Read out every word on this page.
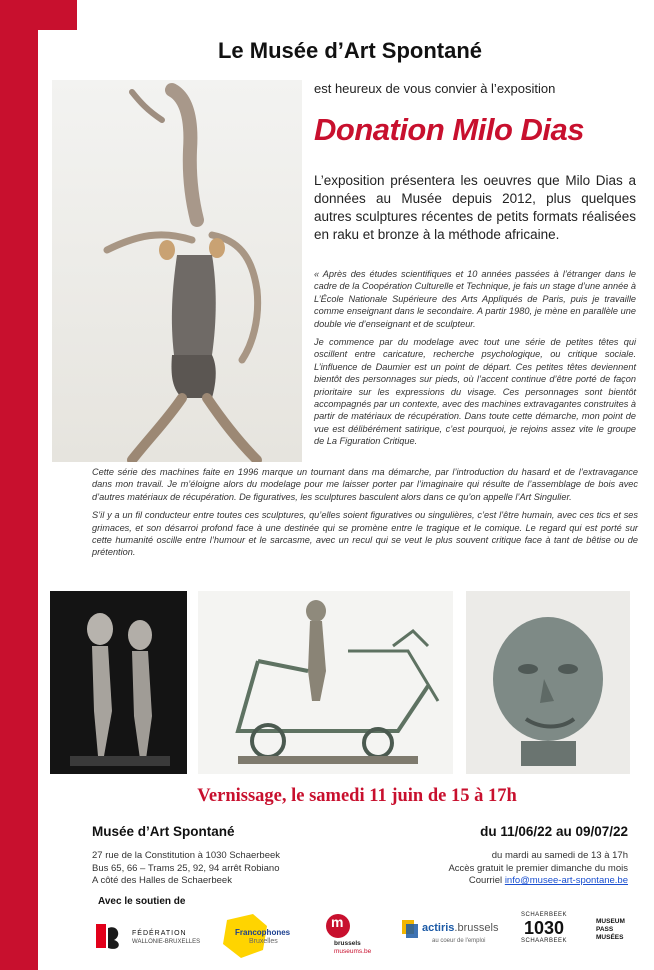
Le Musée d’Art Spontané
est heureux de vous convier à l’exposition
Donation Milo Dias
L’exposition présentera les oeuvres que Milo Dias a données au Musée depuis 2012, plus quelques autres sculptures récentes de petits formats réalisées en raku et bronze à la méthode africaine.

« Après des études scientifiques et 10 années passées à l’étranger dans le cadre de la Coopération Culturelle et Technique, je fais un stage d’une année à L’École Nationale Supérieure des Arts Appliqués de Paris, puis je travaille comme enseignant dans le secondaire. A partir 1980, je mène en parallèle une double vie d’enseignant et de sculpteur.

Je commence par du modelage avec tout une série de petites têtes qui oscillent entre caricature, recherche psychologique, ou critique sociale. L’influence de Daumier est un point de départ. Ces petites têtes deviennent bientôt des personnages sur pieds, où l’accent continue d’être porté de façon prioritaire sur les expressions du visage. Ces personnages sont bientôt accompagnés par un contexte, avec des machines extravagantes construites à partir de matériaux de récupération. Dans toute cette démarche, mon point de vue est délibérément satirique, c’est pourquoi, je rejoins assez vite le groupe de La Figuration Critique.

Cette série des machines faite en 1996 marque un tournant dans ma démarche, par l’introduction du hasard et de l’extravagance dans mon travail. Je m’éloigne alors du modelage pour me laisser porter par l’imaginaire qui résulte de l’assemblage de bois avec d’autres matériaux de récupération. De figuratives, les sculptures basculent alors dans ce qu’on appelle l’Art Singulier.

S’il y a un fil conducteur entre toutes ces sculptures, qu’elles soient figuratives ou singulières, c’est l’être humain, avec ces tics et ses grimaces, et son désarroi profond face à une destinée qui se promène entre le tragique et le comique. Le regard qui est porté sur cette humanité oscille entre l’humour et le sarcasme, avec un recul qui se veut le plus souvent critique face à tant de bêtise ou de prétention.

Vernissage, le samedi 11 juin de 15 à 17h
Musée d’Art Spontané	du 11/06/22 au 09/07/22
27 rue de la Constitution à 1030 Schaerbeek
Bus 65, 66 – Trams 25, 92, 94 arrêt Robiano
A côté des Halles de Schaerbeek
du mardi au samedi de 13 à 17h
Accès gratuit le premier dimanche du mois
Courriel info@musee-art-spontane.be
Avec le soutien de
FÉDÉRATION
WALLONIE-BRUXELLES
Francophones
Bruxelles
m
brussels
museums.be
actiris.brussels
au coeur de l'emploi
SCHAERBEEK
1030
SCHAARBEEK
MUSEUM
PASS
MUSÉES
